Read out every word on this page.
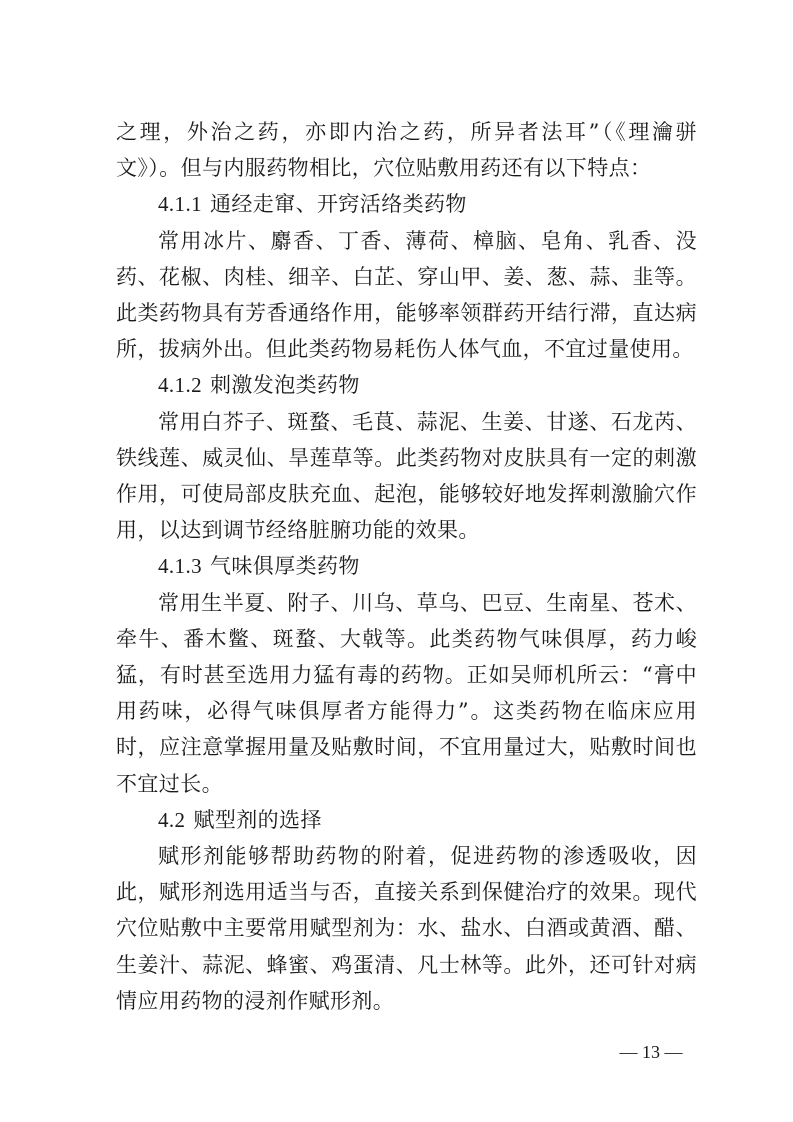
之理，外治之药，亦即内治之药，所异者法耳”（《理瀹骈文》）。但与内服药物相比，穴位贴敷用药还有以下特点：

4.1.1 通经走窜、开窍活络类药物

常用冰片、麝香、丁香、薄荷、樟脑、皂角、乳香、没药、花椒、肉桂、细辛、白芷、穿山甲、姜、葱、蒜、韭等。此类药物具有芳香通络作用，能够率领群药开结行滞，直达病所，拔病外出。但此类药物易耗伤人体气血，不宜过量使用。

4.1.2 刺激发泡类药物

常用白芥子、斑蝥、毛茛、蒜泥、生姜、甘遂、石龙芮、铁线莲、威灵仙、旱莲草等。此类药物对皮肤具有一定的刺激作用，可使局部皮肤充血、起泡，能够较好地发挥刺激腧穴作用，以达到调节经络脏腑功能的效果。

4.1.3 气味俱厚类药物

常用生半夏、附子、川乌、草乌、巴豆、生南星、苍术、牵牛、番木鳖、斑蝥、大戟等。此类药物气味俱厚，药力峻猛，有时甚至选用力猛有毒的药物。正如吴师机所云：“膏中用药味，必得气味俱厚者方能得力”。这类药物在临床应用时，应注意掌握用量及贴敷时间，不宜用量过大，贴敷时间也不宜过长。

4.2 赋型剂的选择

赋形剂能够帮助药物的附着，促进药物的渗透吸收，因此，赋形剂选用适当与否，直接关系到保健治疗的效果。现代穴位贴敷中主要常用赋型剂为：水、盐水、白酒或黄酒、醋、生姜汁、蒜泥、蜂蜜、鸡蛋清、凡士林等。此外，还可针对病情应用药物的浸剂作赋形剂。

— 13 —
